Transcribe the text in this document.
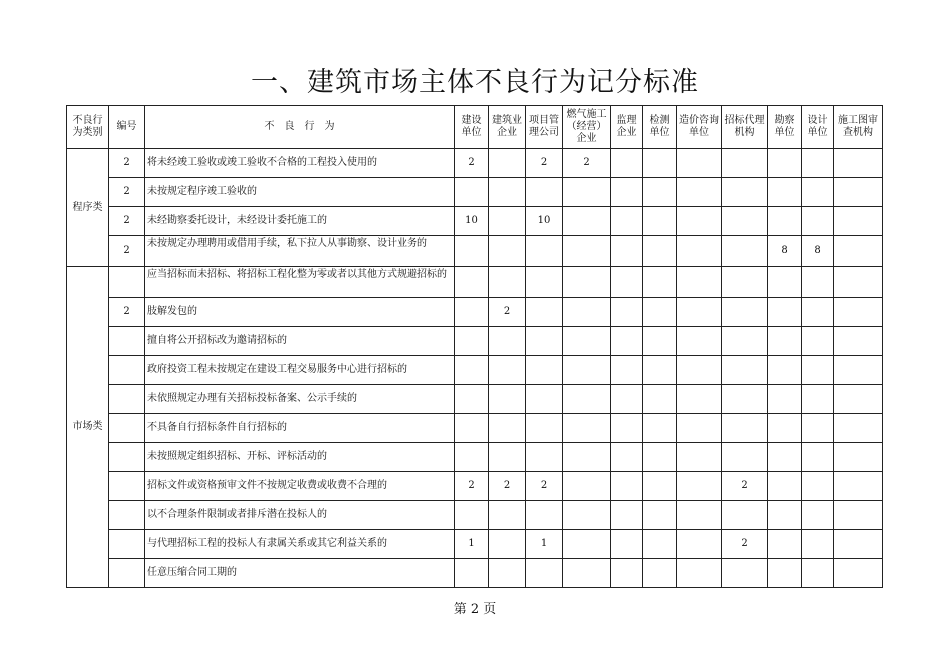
一、建筑市场主体不良行为记分标准
不良行为类别	编号	不　良　行　为	建设单位	建筑业企业	项目管理公司	燃气施工（经营）企业	监理企业	检测单位	造价咨询单位	招标代理机构	勘察单位	设计单位	施工图审查机构
程序类	2	将未经竣工验收或竣工验收不合格的工程投入使用的	2		2	2							
	2	未按规定程序竣工验收的											
	2	未经勘察委托设计，未经设计委托施工的	10		10								
	2	未按规定办理聘用或借用手续，私下拉人从事勘察、设计业务的									8	8	
市场类		应当招标而未招标、将招标工程化整为零或者以其他方式规避招标的											
	2	肢解发包的		2									
		擅自将公开招标改为邀请招标的											
		政府投资工程未按规定在建设工程交易服务中心进行招标的											
		未依照规定办理有关招标投标备案、公示手续的											
		不具备自行招标条件自行招标的											
		未按照规定组织招标、开标、评标活动的											
		招标文件或资格预审文件不按规定收费或收费不合理的	2	2	2					2			
		以不合理条件限制或者排斥潜在投标人的											
		与代理招标工程的投标人有隶属关系或其它利益关系的	1		1					2			
		任意压缩合同工期的											
第 2 页
